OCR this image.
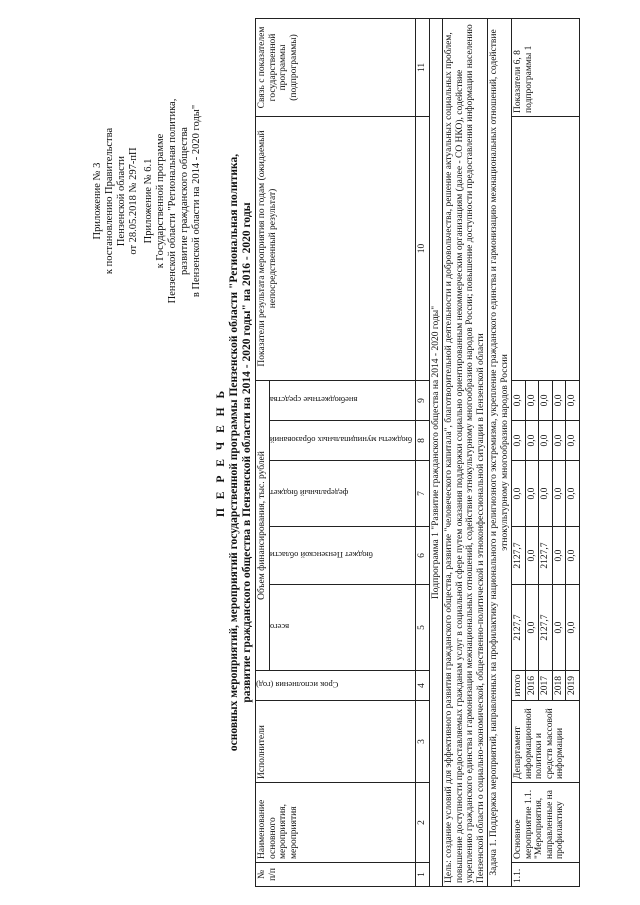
Приложение № 3 к постановлению Правительства Пензенской области от 28.05.2018 № 297-пП Приложение № 6.1 к Государственной программе Пензенской области "Региональная политика, развитие гражданского общества в Пензенской области на 2014 - 2020 годы"
П Е Р Е Ч Е Н Ь основных мероприятий, мероприятий государственной программы Пензенской области "Региональная политика, развитие гражданского общества в Пензенской области на 2014 - 2020 годы" на 2016 - 2020 годы
№ п/п	Наименование основного мероприятия, мероприятия	Исполнители	Срок исполнения (год)	Объем финансирования, тыс. рублей					Показатели результата мероприятия по годам (ожидаемый непосредственный результат)	Связь с показателем государственной программы (подпрограммы)
				всего	бюджет Пензенской области	федеральный бюджет	бюджеты муниципальных образований	внебюджетные средства		
1	2	3	4	5	6	7	8	9	10	11
Подпрограмма 1 "Развитие гражданского общества на 2014 - 2020 годы"										
Цель: создание условий для эффективного развития гражданского общества, развитие "человеческого капитала", благотворительной деятельности и добровольчества, решение актуальных социальных проблем, повышение доступности предоставляемых гражданам услуг в социальной сфере путем оказания поддержки социально ориентированным некоммерческим организациям (далее - СО НКО), содействие укреплению гражданского единства и гармонизации межнациональных отношений, содействие этнокультурному многообразию народов России; повышение доступности предоставления информации населению Пензенской области о социально-экономической, общественно-политической и этноконфессиональной ситуации в Пензенской области										
Задача 1. Поддержка мероприятий, направленных на профилактику национального и религиозного экстремизма, укрепление гражданского единства и гармонизацию межнациональных отношений, содействие этнокультурному многообразию народов России										
1.1.	Основное мероприятие 1.1. "Мероприятия, направленные на профилактику	Департамент информационной политики и средств массовой информации	итого	2127,7	2127,7	0,0	0,0	0,0		Показатели 6, 8 подпрограммы 1
			2016	0,0	0,0	0,0	0,0	0,0		
			2017	2127,7	2127,7	0,0	0,0	0,0		
			2018	0,0	0,0	0,0	0,0	0,0		
			2019	0,0	0,0	0,0	0,0	0,0		
